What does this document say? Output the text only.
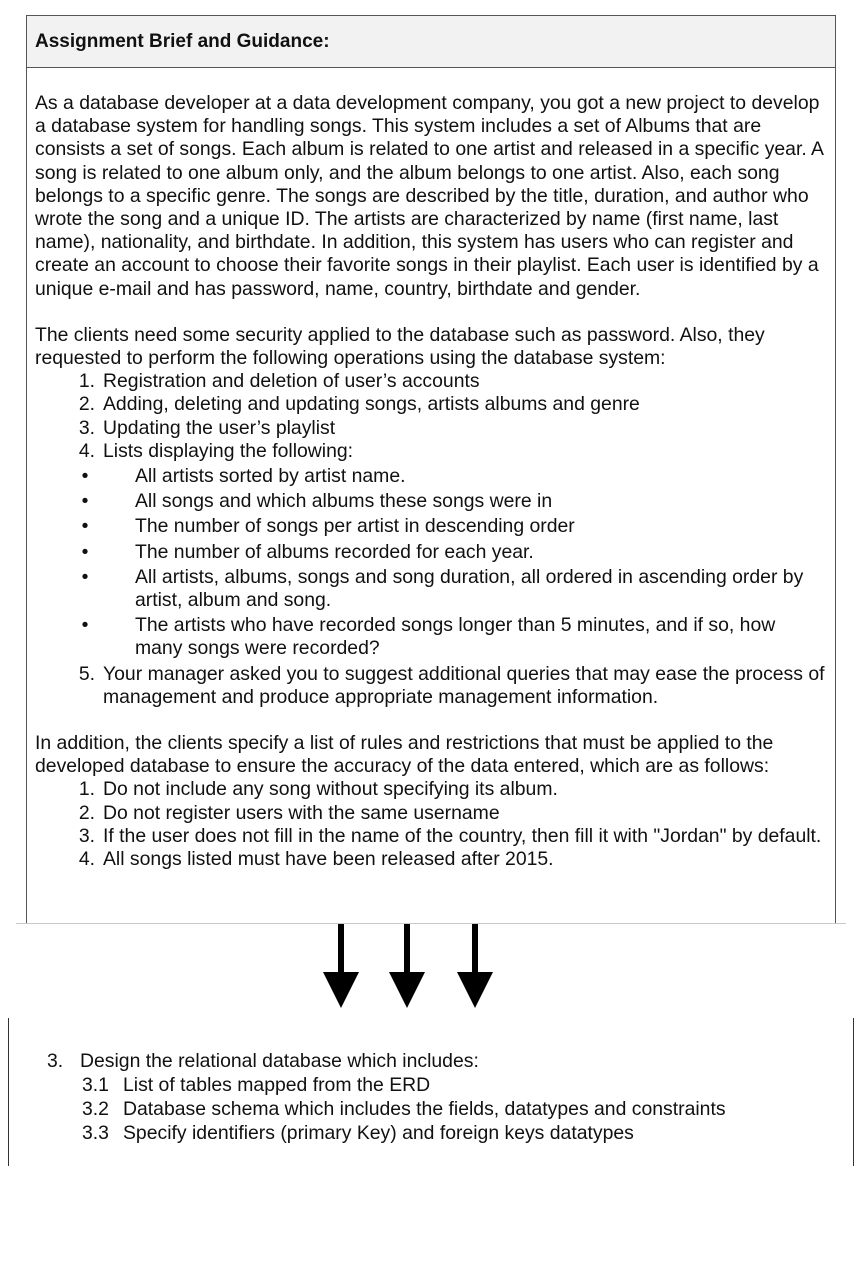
Assignment Brief and Guidance:

As a database developer at a data development company, you got a new project to develop a database system for handling songs. This system includes a set of Albums that are consists a set of songs. Each album is related to one artist and released in a specific year. A song is related to one album only, and the album belongs to one artist. Also, each song belongs to a specific genre. The songs are described by the title, duration, and author who wrote the song and a unique ID. The artists are characterized by name (first name, last name), nationality, and birthdate. In addition, this system has users who can register and create an account to choose their favorite songs in their playlist. Each user is identified by a unique e-mail and has password, name, country, birthdate and gender.

The clients need some security applied to the database such as password. Also, they requested to perform the following operations using the database system:

1. Registration and deletion of user’s accounts
2. Adding, deleting and updating songs, artists albums and genre
3. Updating the user’s playlist
4. Lists displaying the following:
•	All artists sorted by artist name.
•	All songs and which albums these songs were in
•	The number of songs per artist in descending order
•	The number of albums recorded for each year.
•	All artists, albums, songs and song duration, all ordered in ascending order by artist, album and song.
•	The artists who have recorded songs longer than 5 minutes, and if so, how many songs were recorded?
5. Your manager asked you to suggest additional queries that may ease the process of management and produce appropriate management information.

In addition, the clients specify a list of rules and restrictions that must be applied to the developed database to ensure the accuracy of the data entered, which are as follows:

1. Do not include any song without specifying its album.
2. Do not register users with the same username
3. If the user does not fill in the name of the country, then fill it with "Jordan" by default.
4. All songs listed must have been released after 2015.
3. Design the relational database which includes:
3.1 List of tables mapped from the ERD
3.2 Database schema which includes the fields, datatypes and constraints
3.3 Specify identifiers (primary Key) and foreign keys datatypes
